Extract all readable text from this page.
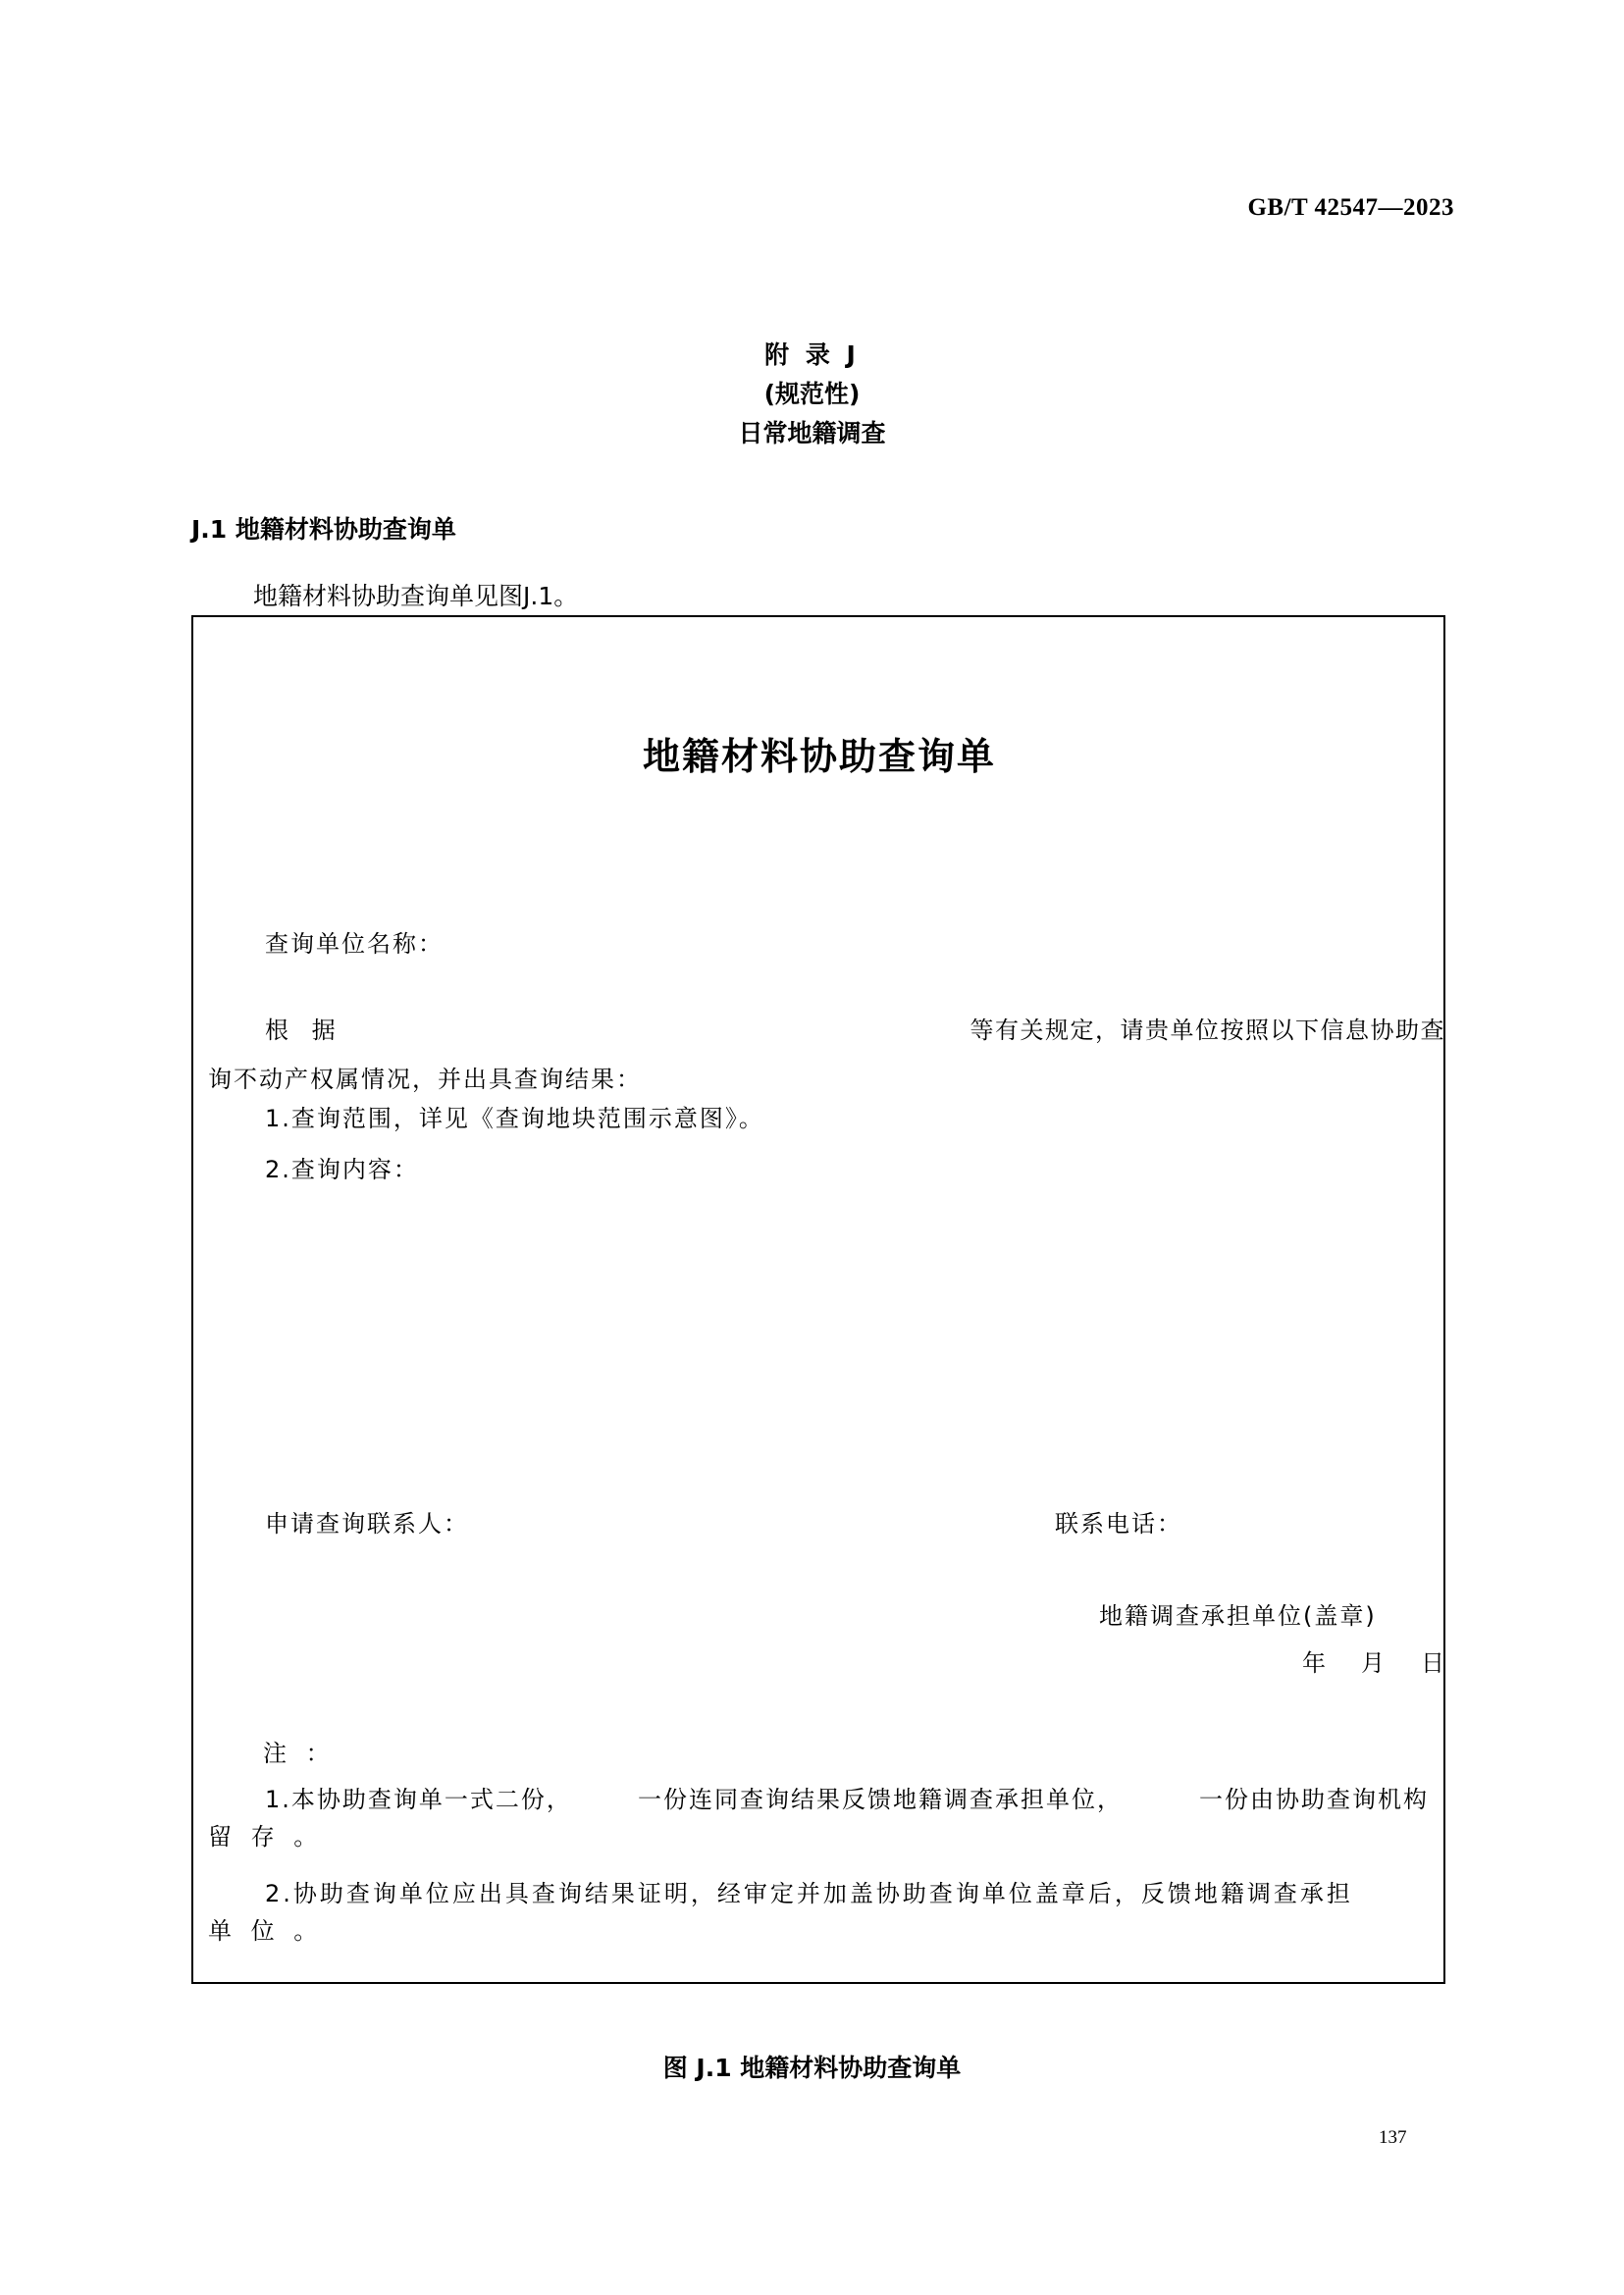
GB/T 42547—2023
附 录 J
(规范性)
日常地籍调查
J.1 地籍材料协助查询单
地籍材料协助查询单见图J.1。
地籍材料协助查询单
查询单位名称：
根 据	等有关规定，请贵单位按照以下信息协助查
询不动产权属情况，并出具查询结果：
1.查询范围，详见《查询地块范围示意图》。
2.查询内容：
申请查询联系人：	联系电话：
地籍调查承担单位(盖章)
年 月 日
注 ：
1.本协助查询单一式二份，	一份连同查询结果反馈地籍调查承担单位，	一份由协助查询机构
留 存 。
2.协助查询单位应出具查询结果证明，经审定并加盖协助查询单位盖章后，反馈地籍调查承担
单 位 。
图 J.1 地籍材料协助查询单
137
